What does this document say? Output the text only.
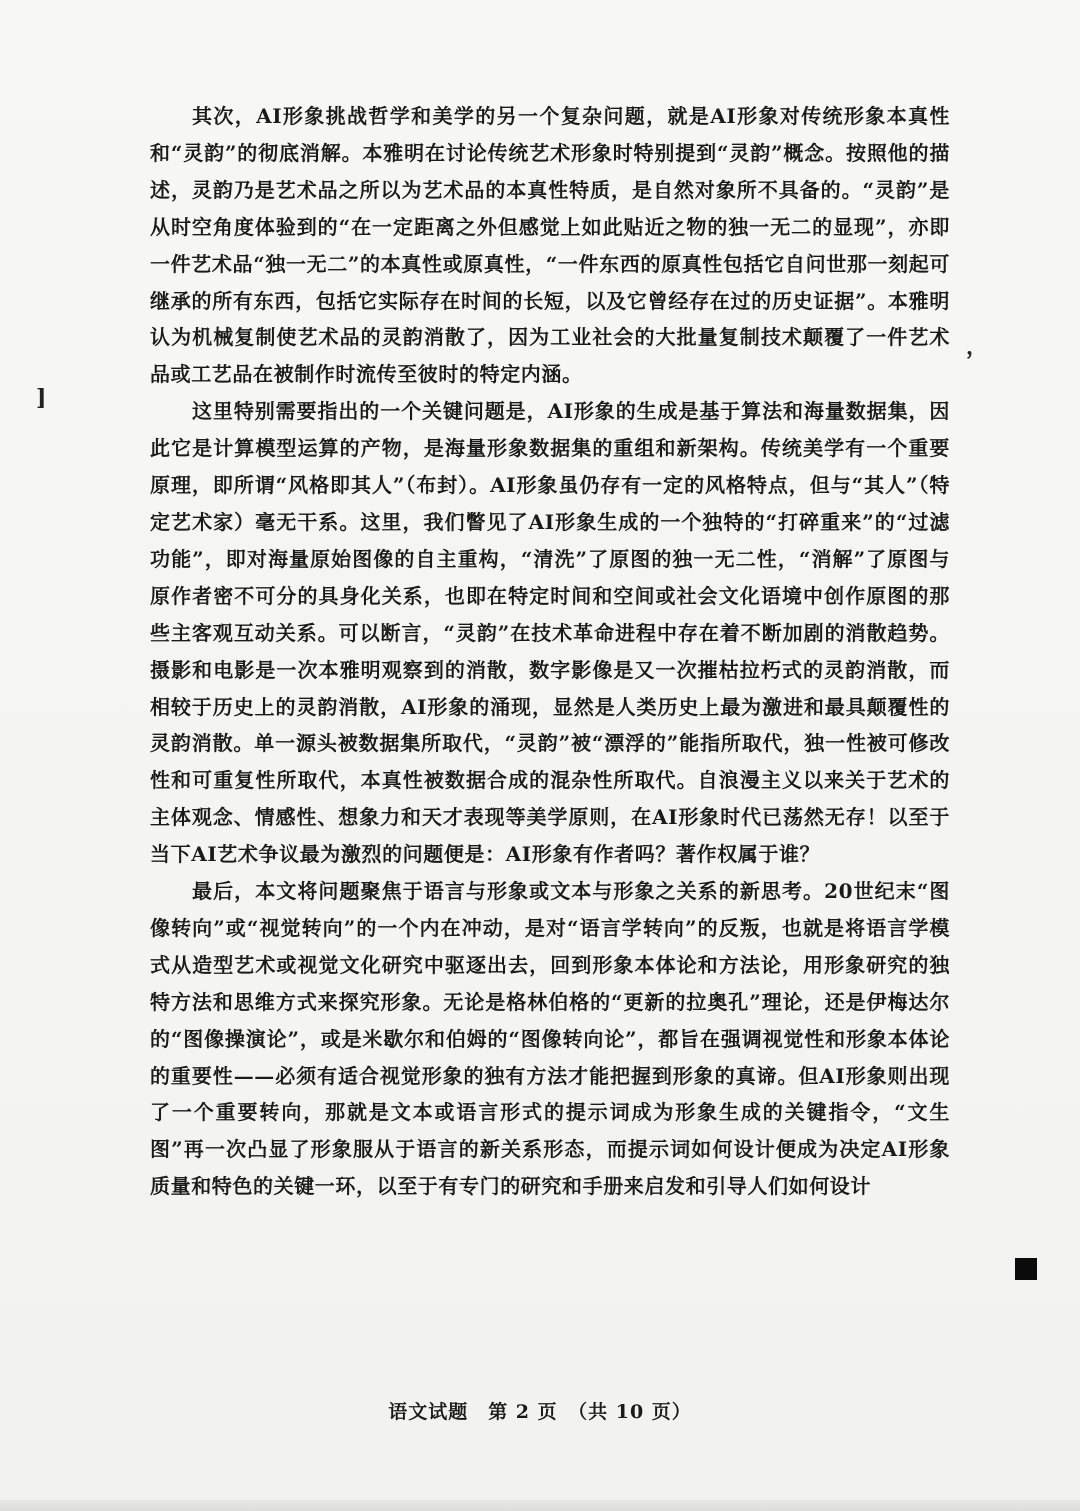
其次，AI形象挑战哲学和美学的另一个复杂问题，就是AI形象对传统形象本真性和“灵韵”的彻底消解。本雅明在讨论传统艺术形象时特别提到“灵韵”概念。按照他的描述，灵韵乃是艺术品之所以为艺术品的本真性特质，是自然对象所不具备的。“灵韵”是从时空角度体验到的“在一定距离之外但感觉上如此贴近之物的独一无二的显现”，亦即一件艺术品“独一无二”的本真性或原真性，“一件东西的原真性包括它自问世那一刻起可继承的所有东西，包括它实际存在时间的长短，以及它曾经存在过的历史证据”。本雅明认为机械复制使艺术品的灵韵消散了，因为工业社会的大批量复制技术颠覆了一件艺术品或工艺品在被制作时流传至彼时的特定内涵。

这里特别需要指出的一个关键问题是，AI形象的生成是基于算法和海量数据集，因此它是计算模型运算的产物，是海量形象数据集的重组和新架构。传统美学有一个重要原理，即所谓“风格即其人”（布封）。AI形象虽仍存有一定的风格特点，但与“其人”（特定艺术家）毫无干系。这里，我们瞥见了AI形象生成的一个独特的“打碎重来”的“过滤功能”，即对海量原始图像的自主重构，“清洗”了原图的独一无二性，“消解”了原图与原作者密不可分的具身化关系，也即在特定时间和空间或社会文化语境中创作原图的那些主客观互动关系。可以断言，“灵韵”在技术革命进程中存在着不断加剧的消散趋势。摄影和电影是一次本雅明观察到的消散，数字影像是又一次摧枯拉朽式的灵韵消散，而相较于历史上的灵韵消散，AI形象的涌现，显然是人类历史上最为激进和最具颠覆性的灵韵消散。单一源头被数据集所取代，“灵韵”被“漂浮的”能指所取代，独一性被可修改性和可重复性所取代，本真性被数据合成的混杂性所取代。自浪漫主义以来关于艺术的主体观念、情感性、想象力和天才表现等美学原则，在AI形象时代已荡然无存！以至于当下AI艺术争议最为激烈的问题便是：AI形象有作者吗？著作权属于谁？

最后，本文将问题聚焦于语言与形象或文本与形象之关系的新思考。20世纪末“图像转向”或“视觉转向”的一个内在冲动，是对“语言学转向”的反叛，也就是将语言学模式从造型艺术或视觉文化研究中驱逐出去，回到形象本体论和方法论，用形象研究的独特方法和思维方式来探究形象。无论是格林伯格的“更新的拉奥孔”理论，还是伊梅达尔的“图像操演论”，或是米歇尔和伯姆的“图像转向论”，都旨在强调视觉性和形象本体论的重要性——必须有适合视觉形象的独有方法才能把握到形象的真谛。但AI形象则出现了一个重要转向，那就是文本或语言形式的提示词成为形象生成的关键指令，“文生图”再一次凸显了形象服从于语言的新关系形态，而提示词如何设计便成为决定AI形象质量和特色的关键一环，以至于有专门的研究和手册来启发和引导人们如何设计

]
，
语文试题　第 2 页　（共 10 页）
